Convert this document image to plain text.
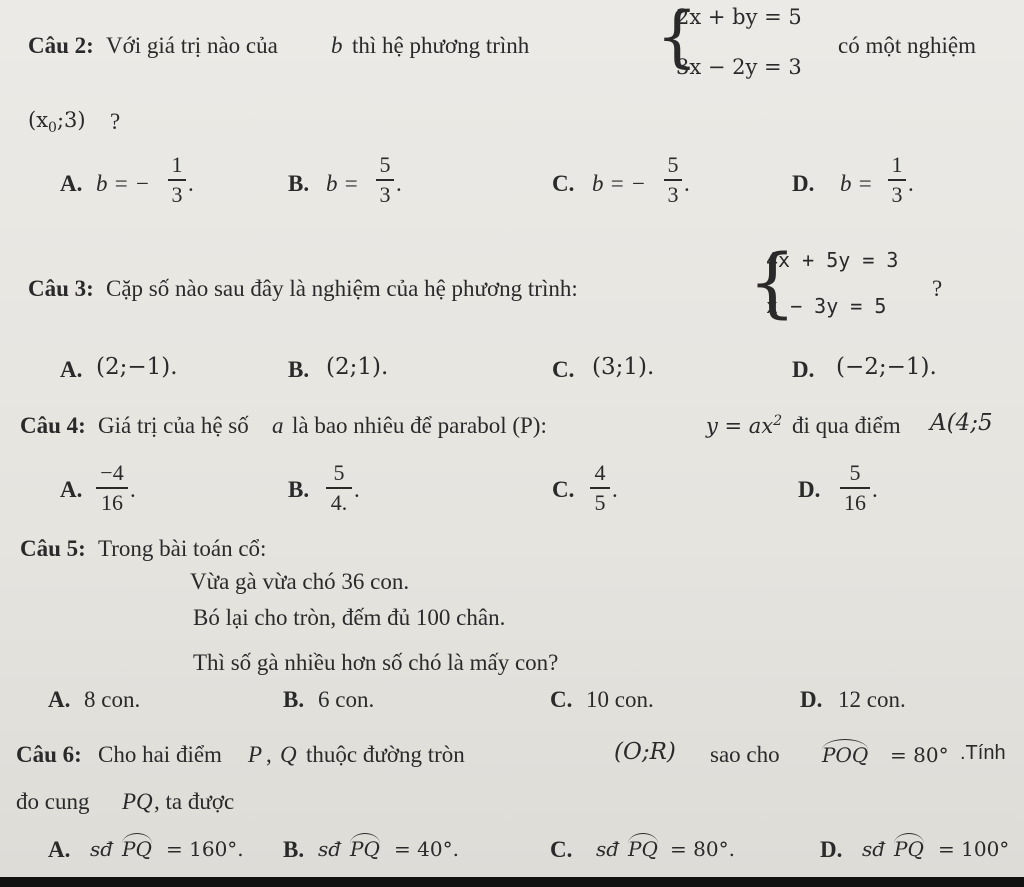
Câu 2: Với giá trị nào của b thì hệ phương trình {
2x + by = 5
3x − 2y = 3
có một nghiệm
$(x_0;3)$ ?
A. b = −
1
3 .	B. b =
5
3 .	C. b = −
5
3 .	D. b =
1
3 .
Câu 3: Cặp số nào sau đây là nghiệm của hệ phương trình: {
4x + 5y = 3
x − 3y = 5
?
A. (2;−1).	B. (2;1).	C. (3;1).	D. (−2;−1).
Câu 4: Giá trị của hệ số a là bao nhiêu để parabol (P):	$y = ax^2$ đi qua điểm A(4;5
A.
−4
16 .	B.
5
4. .	C.
4
5 .	D.
5
16 .
Câu 5: Trong bài toán cổ:
Vừa gà vừa chó 36 con.
Bó lại cho tròn, đếm đủ 100 chân.
Thì số gà nhiều hơn số chó là mấy con?
A. 8 con.	B. 6 con.	C. 10 con.	D. 12 con.
Câu 6: Cho hai điểm P , Q thuộc đường tròn	(O;R) sao cho POQ = 80° .Tính
đo cung PQ , ta được
A. sđ PQ = 160°. B. sđ PQ = 40°.	C. sđ PQ = 80°.	D. sđ PQ = 100°
